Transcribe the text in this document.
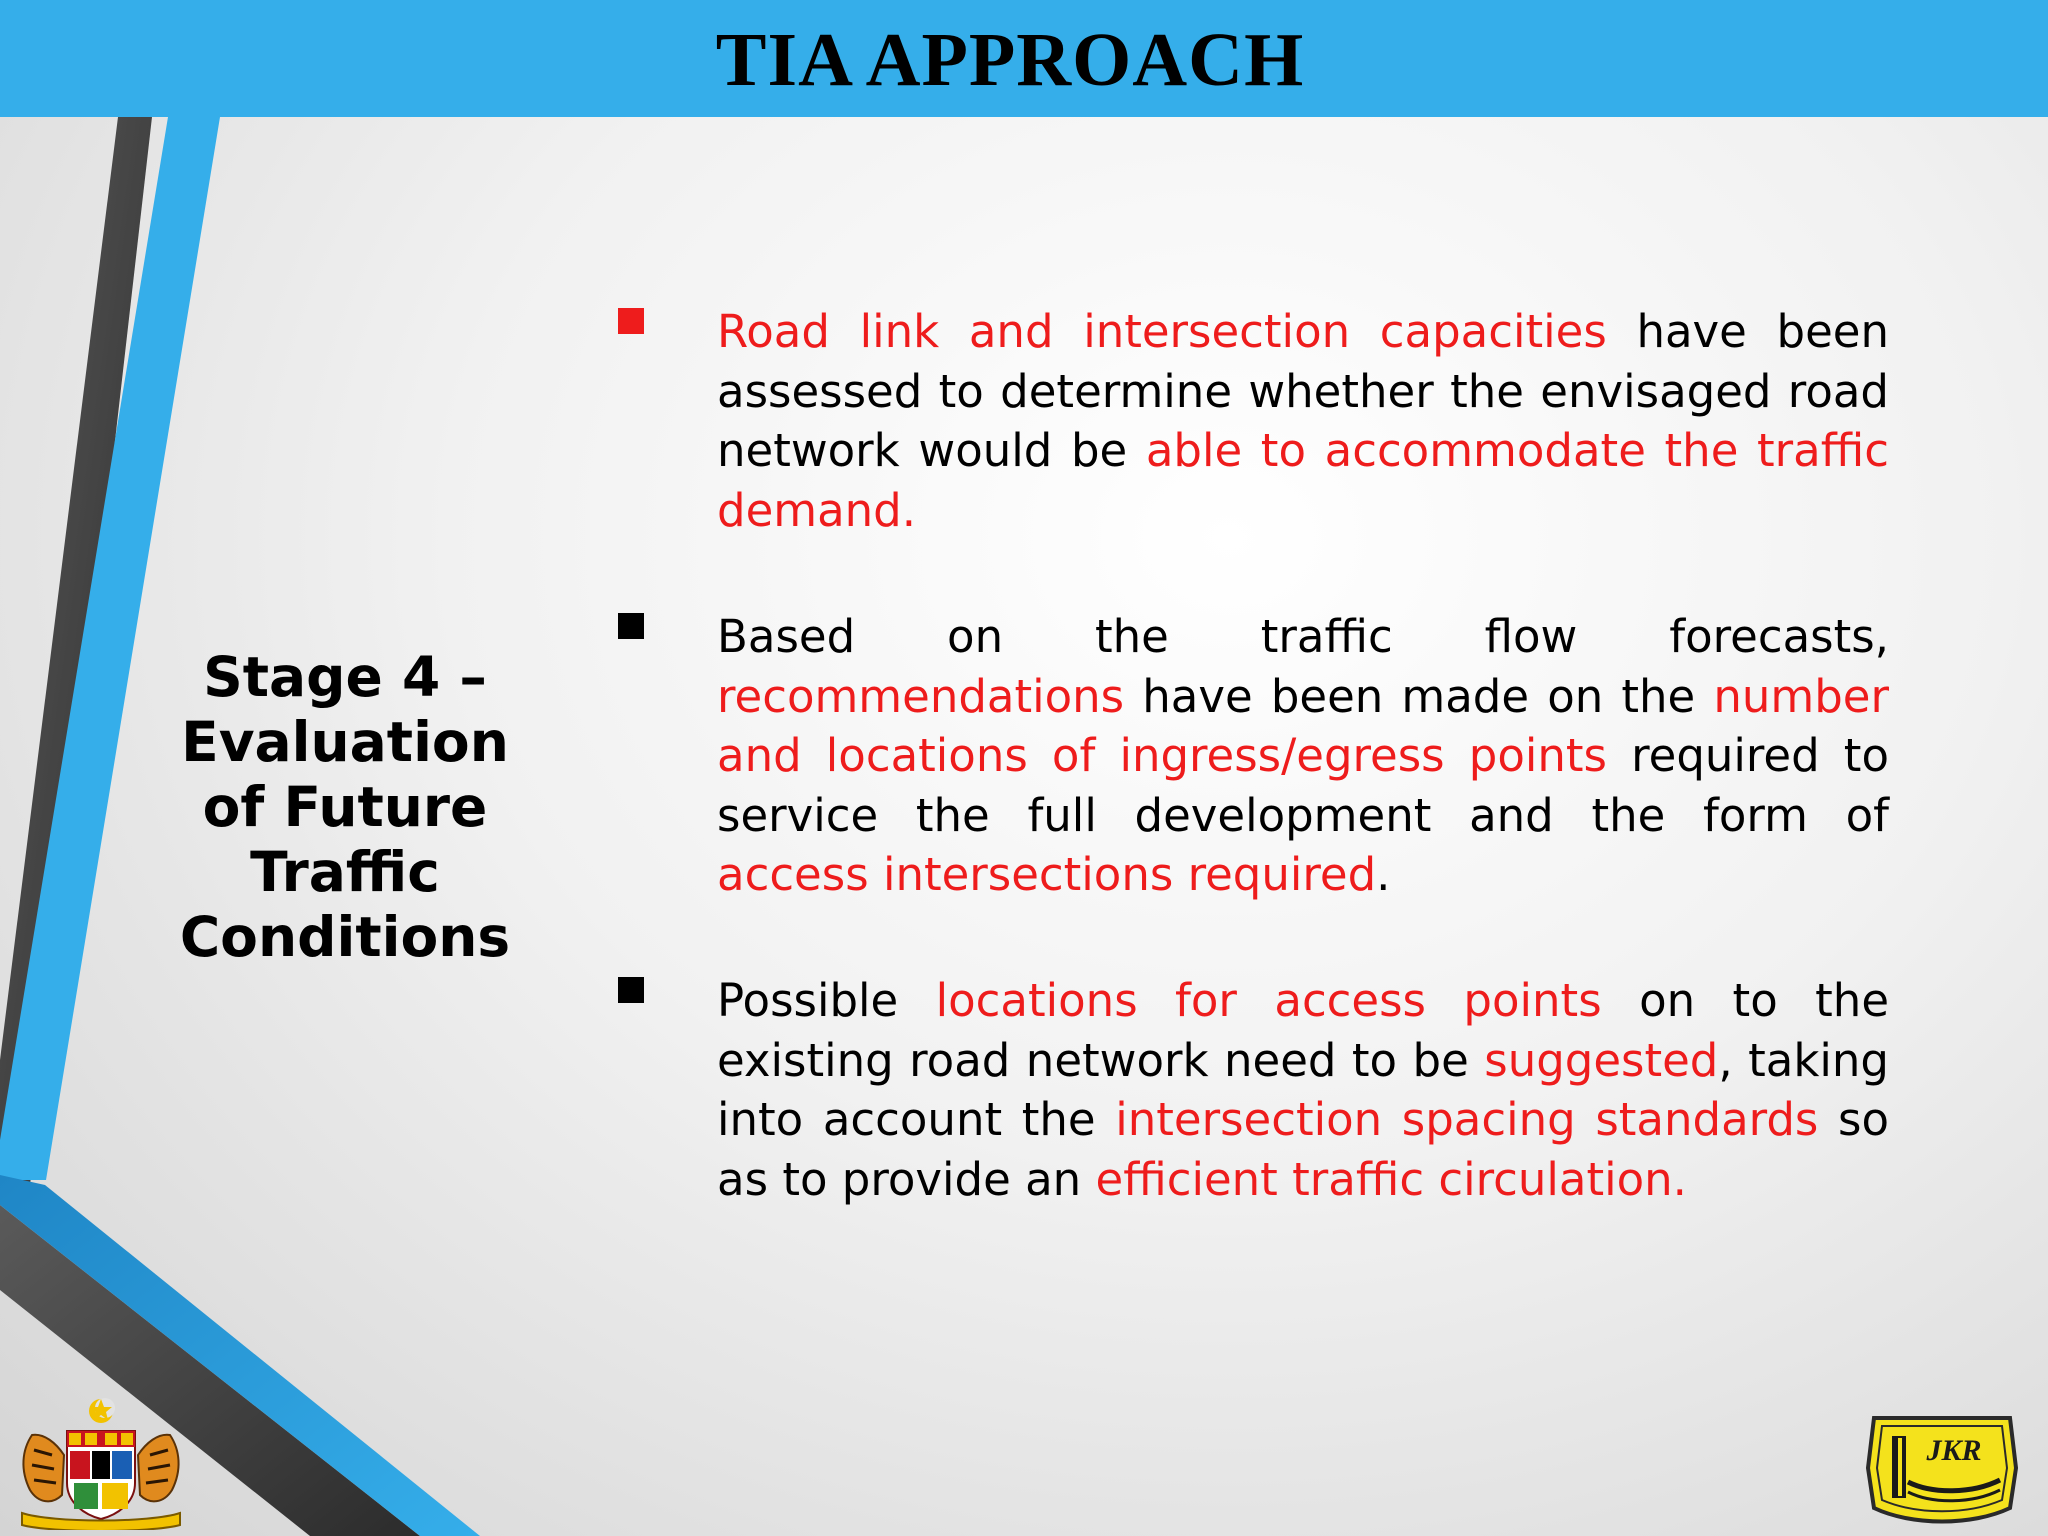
TIA APPROACH
Stage 4 –
Evaluation
of Future
Traffic
Conditions
Road link and intersection capacities have been assessed to determine whether the envisaged road network would be able to accommodate the traffic demand.
Based on the traffic flow forecasts, recommendations have been made on the number and locations of ingress/egress points required to service the full development and the form of access intersections required.
Possible locations for access points on to the existing road network need to be suggested, taking into account the intersection spacing standards so as to provide an efficient traffic circulation.
JKR
